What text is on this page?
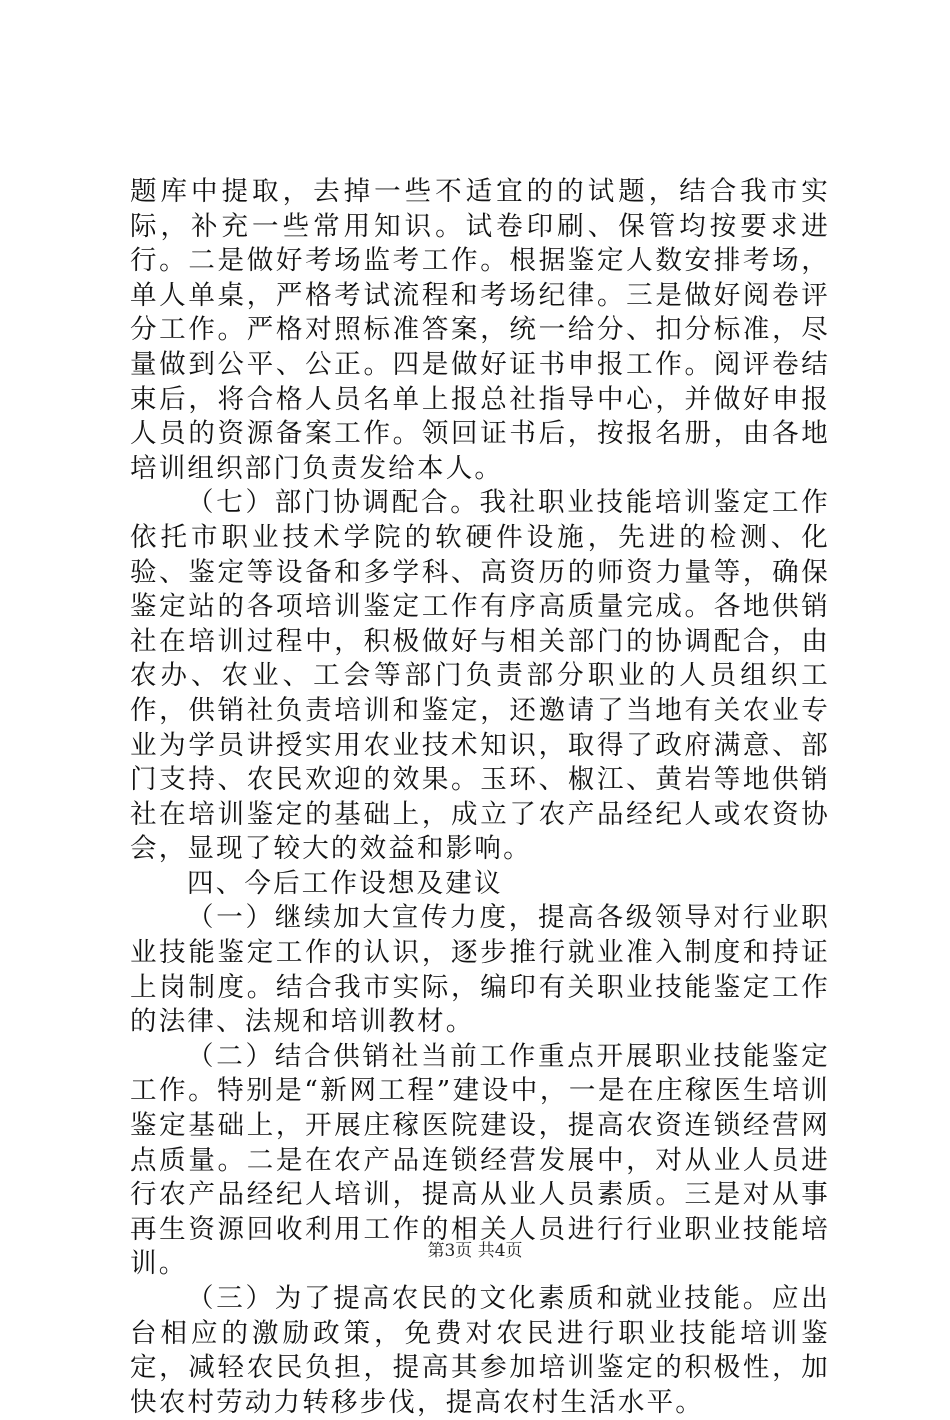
题库中提取，去掉一些不适宜的的试题，结合我市实际，补充一些常用知识。试卷印刷、保管均按要求进行。二是做好考场监考工作。根据鉴定人数安排考场，单人单桌，严格考试流程和考场纪律。三是做好阅卷评分工作。严格对照标准答案，统一给分、扣分标准，尽量做到公平、公正。四是做好证书申报工作。阅评卷结束后，将合格人员名单上报总社指导中心，并做好申报人员的资源备案工作。领回证书后，按报名册，由各地培训组织部门负责发给本人。

（七）部门协调配合。我社职业技能培训鉴定工作依托市职业技术学院的软硬件设施，先进的检测、化验、鉴定等设备和多学科、高资历的师资力量等，确保鉴定站的各项培训鉴定工作有序高质量完成。各地供销社在培训过程中，积极做好与相关部门的协调配合，由农办、农业、工会等部门负责部分职业的人员组织工作，供销社负责培训和鉴定，还邀请了当地有关农业专业为学员讲授实用农业技术知识，取得了政府满意、部门支持、农民欢迎的效果。玉环、椒江、黄岩等地供销社在培训鉴定的基础上，成立了农产品经纪人或农资协会，显现了较大的效益和影响。

四、今后工作设想及建议

（一）继续加大宣传力度，提高各级领导对行业职业技能鉴定工作的认识，逐步推行就业准入制度和持证上岗制度。结合我市实际，编印有关职业技能鉴定工作的法律、法规和培训教材。

（二）结合供销社当前工作重点开展职业技能鉴定工作。特别是“新网工程”建设中，一是在庄稼医生培训鉴定基础上，开展庄稼医院建设，提高农资连锁经营网点质量。二是在农产品连锁经营发展中，对从业人员进行农产品经纪人培训，提高从业人员素质。三是对从事再生资源回收利用工作的相关人员进行行业职业技能培训。

（三）为了提高农民的文化素质和就业技能。应出台相应的激励政策，免费对农民进行职业技能培训鉴定，减轻农民负担，提高其参加培训鉴定的积极性，加快农村劳动力转移步伐，提高农村生活水平。

第3页 共4页
